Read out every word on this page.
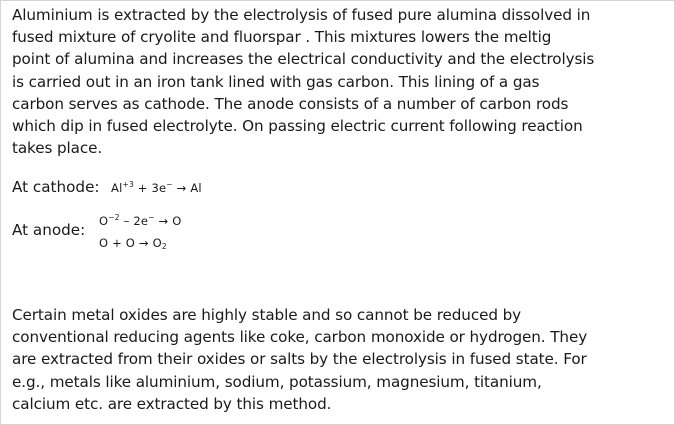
Aluminium is extracted by the electrolysis of fused pure alumina dissolved in
fused mixture of cryolite and fluorspar . This mixtures lowers the meltig
point of alumina and increases the electrical conductivity and the electrolysis
is carried out in an iron tank lined with gas carbon. This lining of a gas
carbon serves as cathode. The anode consists of a number of carbon rods
which dip in fused electrolyte. On passing electric current following reaction
takes place.

At cathode: $Al^{+3} + 3e^- \to Al$
At anode: $O^{-2} - 2e^- \to O$
$O + O \to O_2$

Certain metal oxides are highly stable and so cannot be reduced by
conventional reducing agents like coke, carbon monoxide or hydrogen. They
are extracted from their oxides or salts by the electrolysis in fused state. For
e.g., metals like aluminium, sodium, potassium, magnesium, titanium,
calcium etc. are extracted by this method.
